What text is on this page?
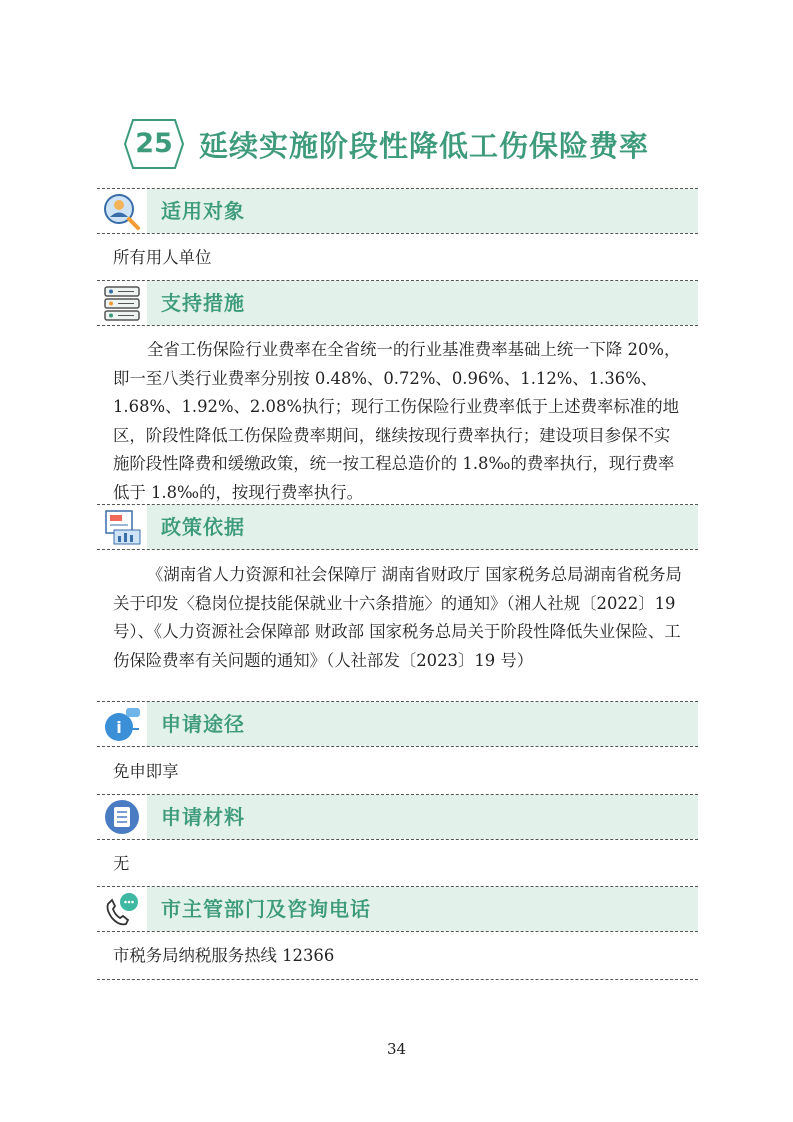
25 延续实施阶段性降低工伤保险费率
适用对象
所有用人单位
支持措施
全省工伤保险行业费率在全省统一的行业基准费率基础上统一下降 20%，即一至八类行业费率分别按 0.48%、0.72%、0.96%、1.12%、1.36%、1.68%、1.92%、2.08%执行；现行工伤保险行业费率低于上述费率标准的地区，阶段性降低工伤保险费率期间，继续按现行费率执行；建设项目参保不实施阶段性降费和缓缴政策，统一按工程总造价的 1.8‰的费率执行，现行费率低于 1.8‰的，按现行费率执行。
政策依据
《湖南省人力资源和社会保障厅 湖南省财政厅 国家税务总局湖南省税务局关于印发〈稳岗位提技能保就业十六条措施〉的通知》（湘人社规〔2022〕19 号）、《人力资源社会保障部 财政部 国家税务总局关于阶段性降低失业保险、工伤保险费率有关问题的通知》（人社部发〔2023〕19 号）
i 申请途径
免申即享
申请材料
无
市主管部门及咨询电话
市税务局纳税服务热线 12366
34
